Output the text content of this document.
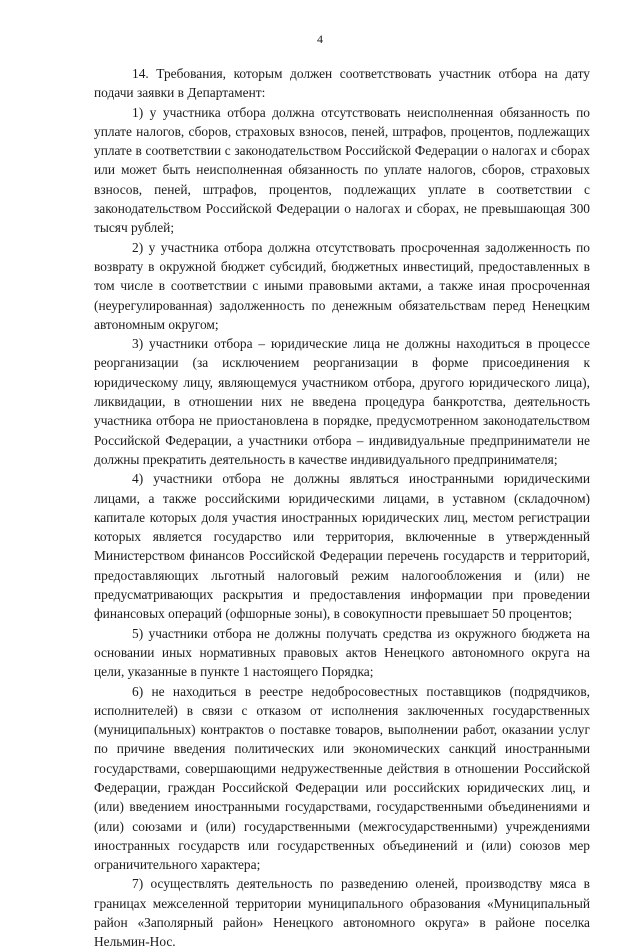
4

14. Требования, которым должен соответствовать участник отбора на дату подачи заявки в Департамент:

1) у участника отбора должна отсутствовать неисполненная обязанность по уплате налогов, сборов, страховых взносов, пеней, штрафов, процентов, подлежащих уплате в соответствии с законодательством Российской Федерации о налогах и сборах или может быть неисполненная обязанность по уплате налогов, сборов, страховых взносов, пеней, штрафов, процентов, подлежащих уплате в соответствии с законодательством Российской Федерации о налогах и сборах, не превышающая 300 тысяч рублей;

2) у участника отбора должна отсутствовать просроченная задолженность по возврату в окружной бюджет субсидий, бюджетных инвестиций, предоставленных в том числе в соответствии с иными правовыми актами, а также иная просроченная (неурегулированная) задолженность по денежным обязательствам перед Ненецким автономным округом;

3) участники отбора – юридические лица не должны находиться в процессе реорганизации (за исключением реорганизации в форме присоединения к юридическому лицу, являющемуся участником отбора, другого юридического лица), ликвидации, в отношении них не введена процедура банкротства, деятельность участника отбора не приостановлена в порядке, предусмотренном законодательством Российской Федерации, а участники отбора – индивидуальные предприниматели не должны прекратить деятельность в качестве индивидуального предпринимателя;

4) участники отбора не должны являться иностранными юридическими лицами, а также российскими юридическими лицами, в уставном (складочном) капитале которых доля участия иностранных юридических лиц, местом регистрации которых является государство или территория, включенные в утвержденный Министерством финансов Российской Федерации перечень государств и территорий, предоставляющих льготный налоговый режим налогообложения и (или) не предусматривающих раскрытия и предоставления информации при проведении финансовых операций (офшорные зоны), в совокупности превышает 50 процентов;

5) участники отбора не должны получать средства из окружного бюджета на основании иных нормативных правовых актов Ненецкого автономного округа на цели, указанные в пункте 1 настоящего Порядка;

6) не находиться в реестре недобросовестных поставщиков (подрядчиков, исполнителей) в связи с отказом от исполнения заключенных государственных (муниципальных) контрактов о поставке товаров, выполнении работ, оказании услуг по причине введения политических или экономических санкций иностранными государствами, совершающими недружественные действия в отношении Российской Федерации, граждан Российской Федерации или российских юридических лиц, и (или) введением иностранными государствами, государственными объединениями и (или) союзами и (или) государственными (межгосударственными) учреждениями иностранных государств или государственных объединений и (или) союзов мер ограничительного характера;

7) осуществлять деятельность по разведению оленей, производству мяса в границах межселенной территории муниципального образования «Муниципальный район «Заполярный район» Ненецкого автономного округа» в районе поселка Нельмин-Нос.
